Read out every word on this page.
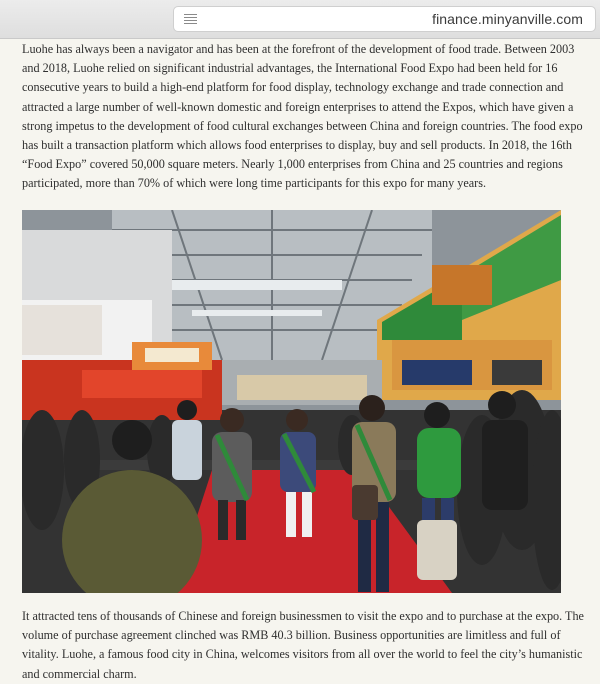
finance.minyanville.com

Luohe has always been a navigator and has been at the forefront of the development of food trade. Between 2003 and 2018, Luohe relied on significant industrial advantages, the International Food Expo had been held for 16 consecutive years to build a high-end platform for food display, technology exchange and trade connection and attracted a large number of well-known domestic and foreign enterprises to attend the Expos, which have given a strong impetus to the development of food cultural exchanges between China and foreign countries. The food expo has built a transaction platform which allows food enterprises to display, buy and sell products. In 2018, the 16th “Food Expo” covered 50,000 square meters. Nearly 1,000 enterprises from China and 25 countries and regions participated, more than 70% of which were long time participants for this expo for many years.

It attracted tens of thousands of Chinese and foreign businessmen to visit the expo and to purchase at the expo. The volume of purchase agreement clinched was RMB 40.3 billion. Business opportunities are limitless and full of vitality. Luohe, a famous food city in China, welcomes visitors from all over the world to feel the city’s humanistic and commercial charm.
